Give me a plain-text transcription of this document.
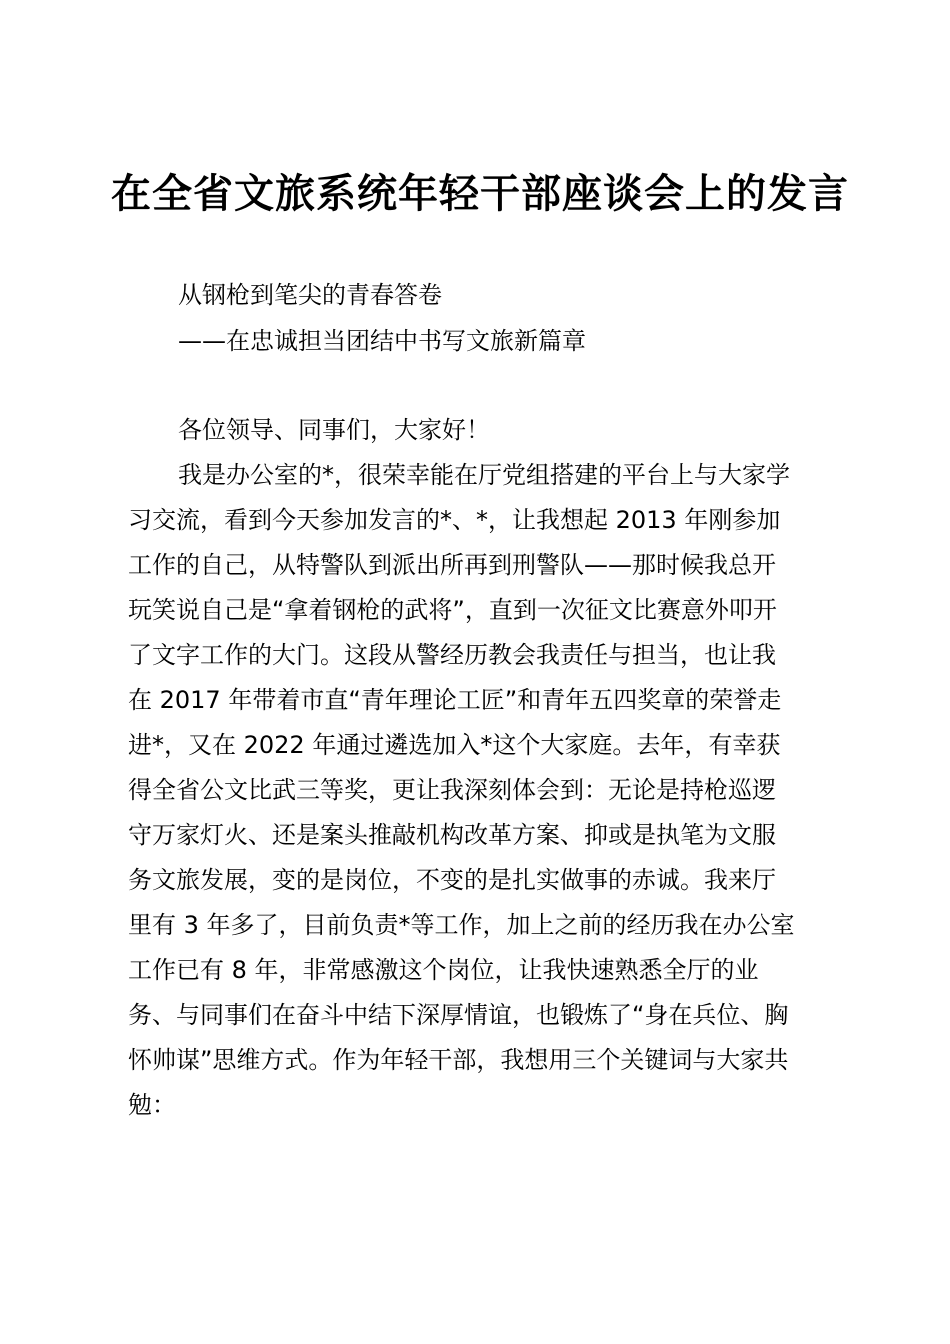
在全省文旅系统年轻干部座谈会上的发言

从钢枪到笔尖的青春答卷

——在忠诚担当团结中书写文旅新篇章

各位领导、同事们，大家好！

我是办公室的*，很荣幸能在厅党组搭建的平台上与大家学

习交流，看到今天参加发言的*、*，让我想起 2013 年刚参加

工作的自己，从特警队到派出所再到刑警队——那时候我总开

玩笑说自己是“拿着钢枪的武将”，直到一次征文比赛意外叩开

了文字工作的大门。这段从警经历教会我责任与担当，也让我

在 2017 年带着市直“青年理论工匠”和青年五四奖章的荣誉走

进*，又在 2022 年通过遴选加入*这个大家庭。去年，有幸获

得全省公文比武三等奖，更让我深刻体会到：无论是持枪巡逻

守万家灯火、还是案头推敲机构改革方案、抑或是执笔为文服

务文旅发展，变的是岗位，不变的是扎实做事的赤诚。我来厅

里有 3 年多了，目前负责*等工作，加上之前的经历我在办公室

工作已有 8 年，非常感激这个岗位，让我快速熟悉全厅的业

务、与同事们在奋斗中结下深厚情谊，也锻炼了“身在兵位、胸

怀帅谋”思维方式。作为年轻干部，我想用三个关键词与大家共

勉：
